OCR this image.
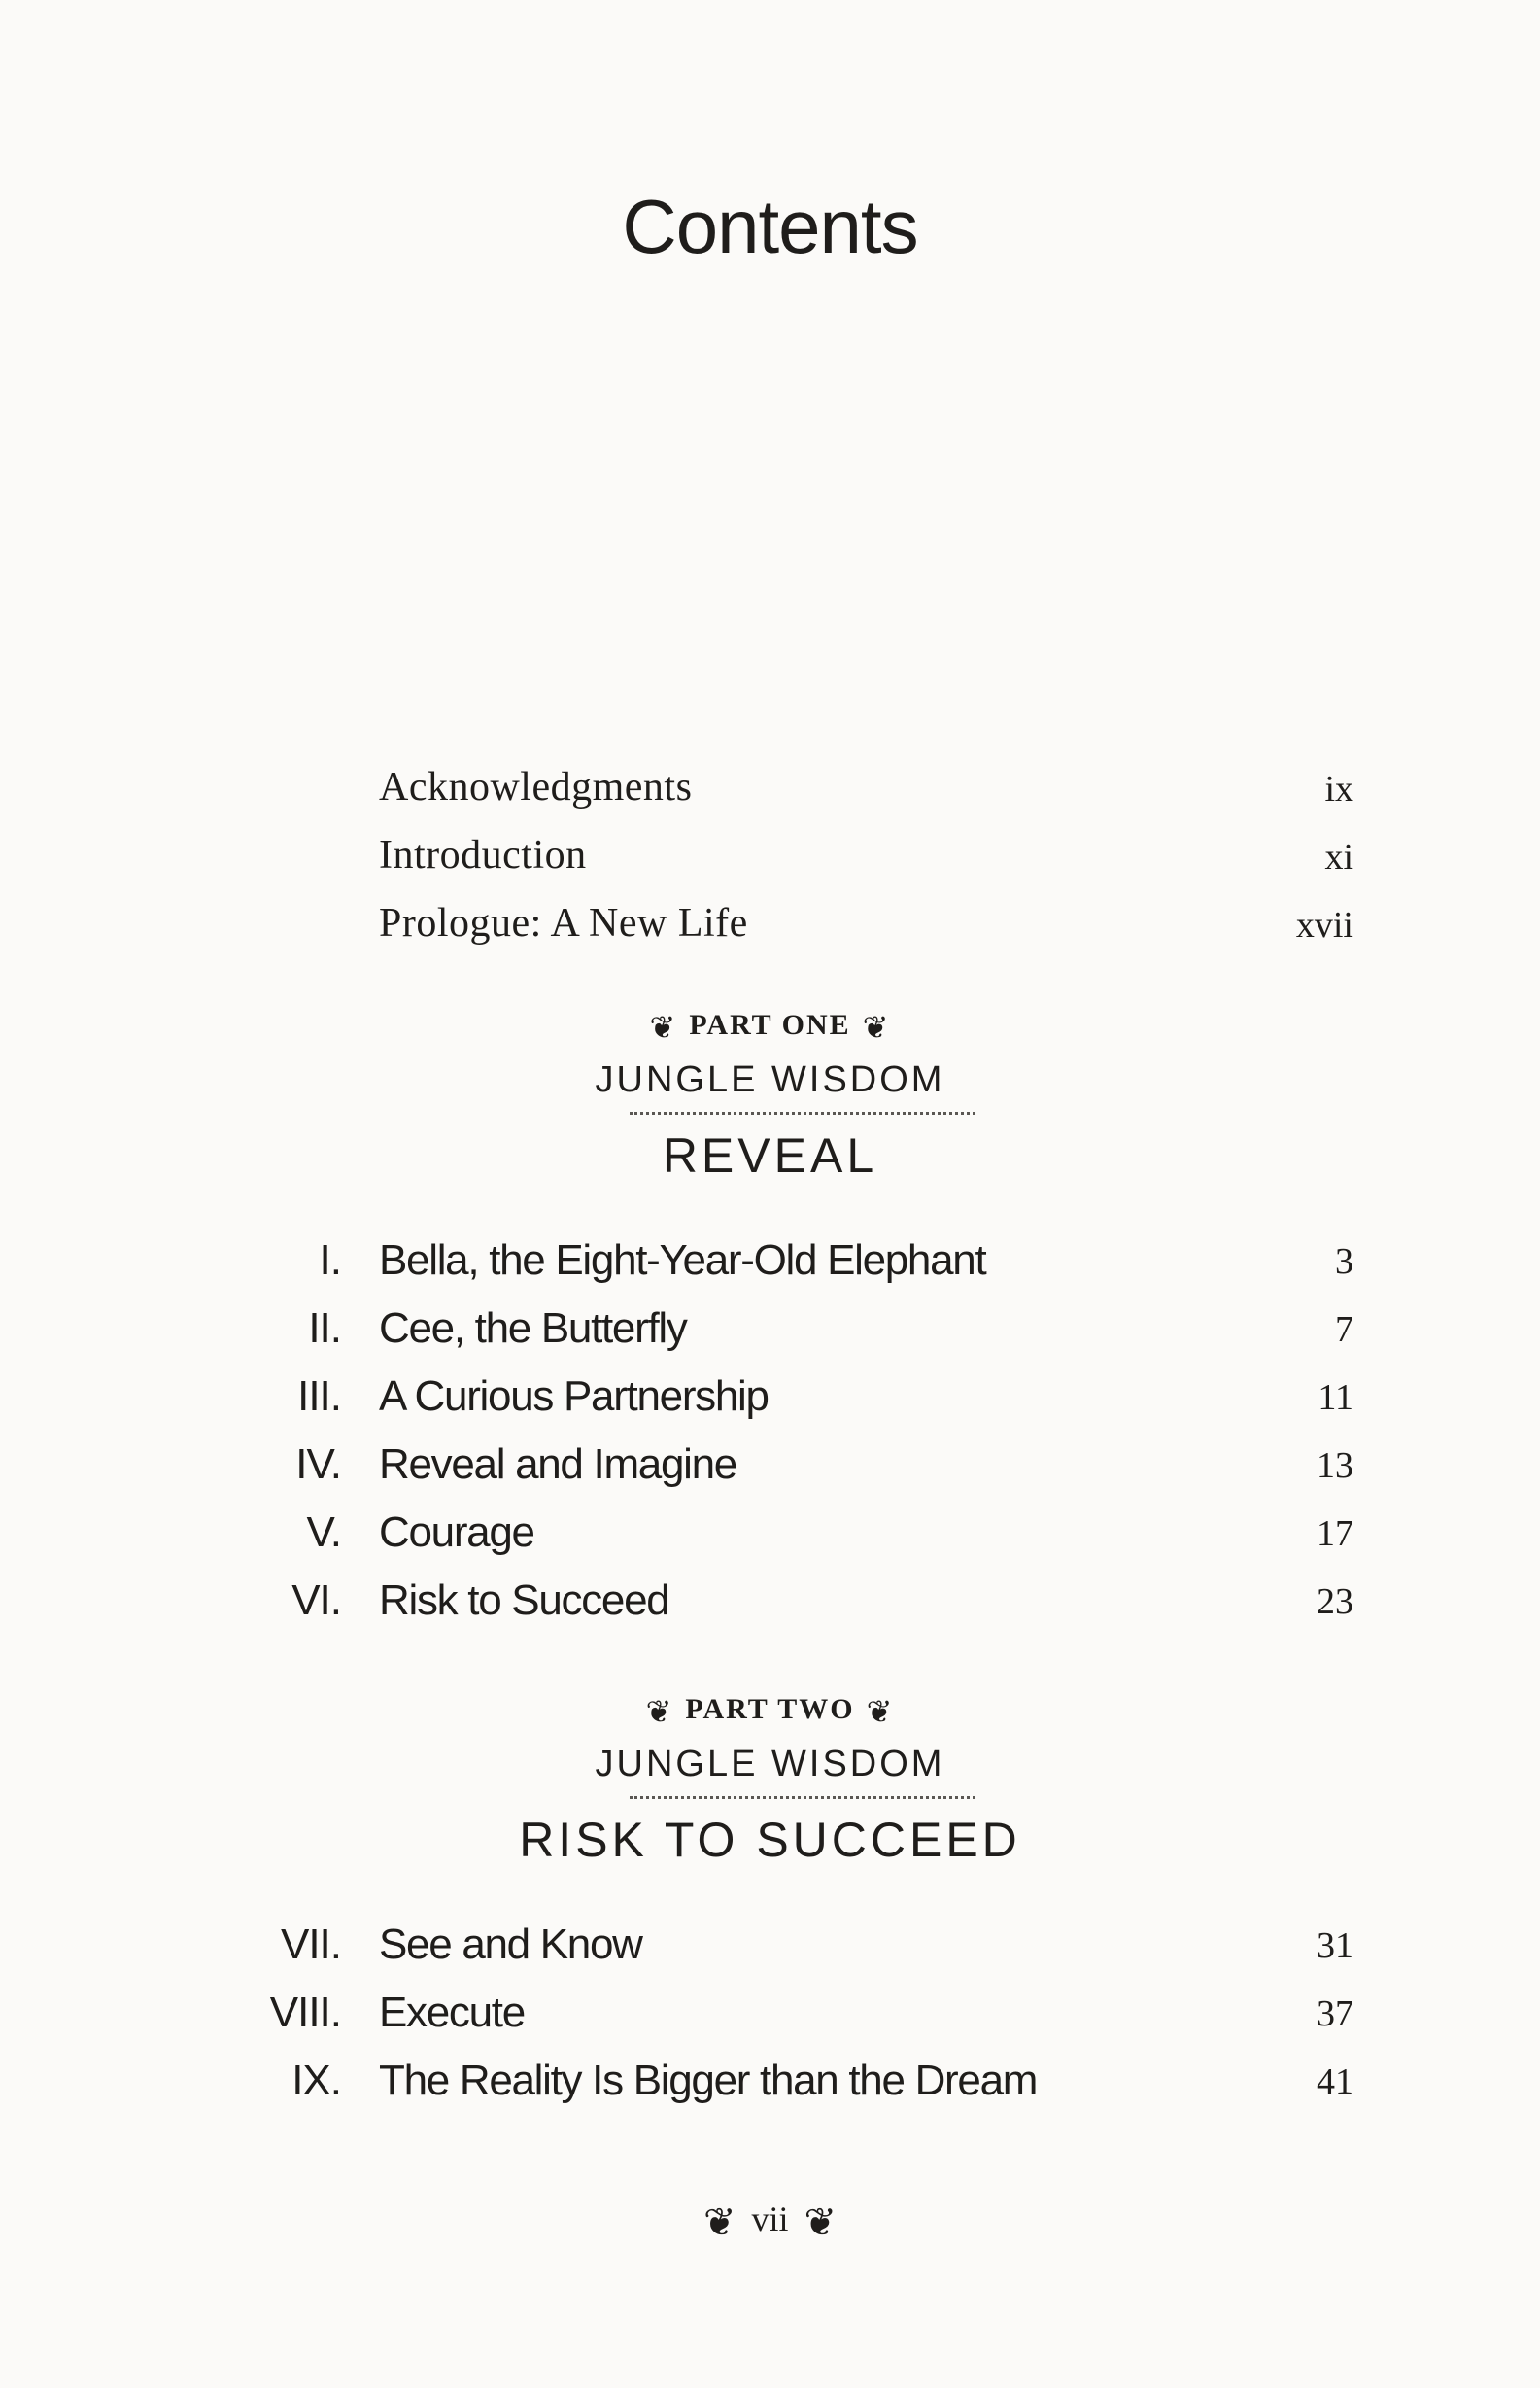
Contents
Acknowledgments	ix
Introduction	xi
Prologue: A New Life	xvii
❦ PART ONE ❦
JUNGLE WISDOM
REVEAL
I. Bella, the Eight-Year-Old Elephant	3
II. Cee, the Butterfly	7
III. A Curious Partnership	11
IV. Reveal and Imagine	13
V. Courage	17
VI. Risk to Succeed	23
❦ PART TWO ❦
JUNGLE WISDOM
RISK TO SUCCEED
VII. See and Know	31
VIII. Execute	37
IX. The Reality Is Bigger than the Dream	41
❦ vii ❦
